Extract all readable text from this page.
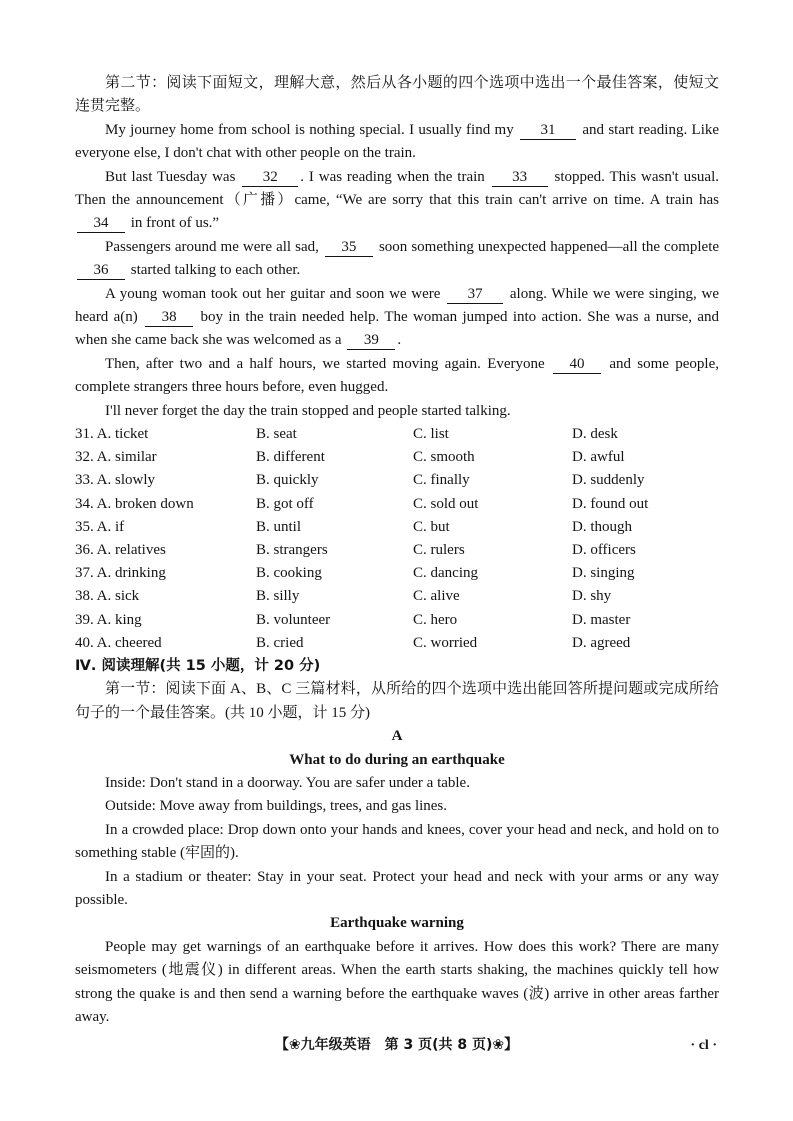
第二节：阅读下面短文，理解大意，然后从各小题的四个选项中选出一个最佳答案，使短文连贯完整。

My journey home from school is nothing special. I usually find my 31 and start reading. Like everyone else, I don't chat with other people on the train.

But last Tuesday was 32 . I was reading when the train 33 stopped. This wasn't usual. Then the announcement（广播）came, “We are sorry that this train can't arrive on time. A train has 34 in front of us.”

Passengers around me were all sad, 35 soon something unexpected happened—all the complete 36 started talking to each other.

A young woman took out her guitar and soon we were 37 along. While we were singing, we heard a(n) 38 boy in the train needed help. The woman jumped into action. She was a nurse, and when she came back she was welcomed as a 39 .

Then, after two and a half hours, we started moving again. Everyone 40 and some people, complete strangers three hours before, even hugged.

I'll never forget the day the train stopped and people started talking.

31. A. ticket	B. seat	C. list	D. desk
32. A. similar	B. different	C. smooth	D. awful
33. A. slowly	B. quickly	C. finally	D. suddenly
34. A. broken down	B. got off	C. sold out	D. found out
35. A. if	B. until	C. but	D. though
36. A. relatives	B. strangers	C. rulers	D. officers
37. A. drinking	B. cooking	C. dancing	D. singing
38. A. sick	B. silly	C. alive	D. shy
39. A. king	B. volunteer	C. hero	D. master
40. A. cheered	B. cried	C. worried	D. agreed

Ⅳ. 阅读理解(共 15 小题，计 20 分)

第一节：阅读下面 A、B、C 三篇材料，从所给的四个选项中选出能回答所提问题或完成所给句子的一个最佳答案。(共 10 小题，计 15 分)

A

What to do during an earthquake

Inside: Don't stand in a doorway. You are safer under a table.

Outside: Move away from buildings, trees, and gas lines.

In a crowded place: Drop down onto your hands and knees, cover your head and neck, and hold on to something stable (牢固的).

In a stadium or theater: Stay in your seat. Protect your head and neck with your arms or any way possible.

Earthquake warning

People may get warnings of an earthquake before it arrives. How does this work? There are many seismometers (地震仪) in different areas. When the earth starts shaking, the machines quickly tell how strong the quake is and then send a warning before the earthquake waves (波) arrive in other areas farther away.

【❀九年级英语　第 3 页(共 8 页)❀】	· cl ·
